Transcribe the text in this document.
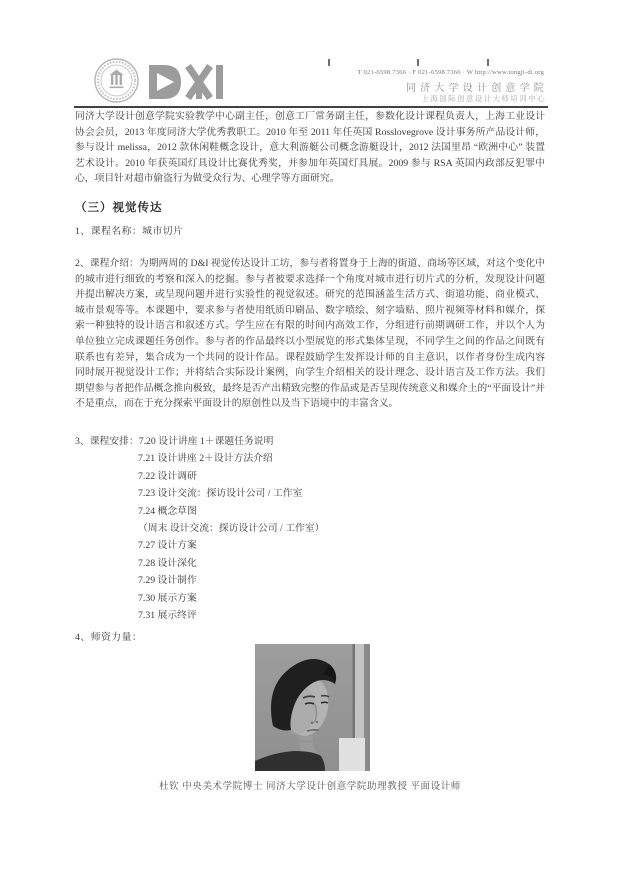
T 021-6598 7366 · F 021-6598 7366 · W http://www.tongji-di.org
同济大学设计创意学院
上海国际创意设计大师培训中心
同济大学设计创意学院实验教学中心副主任，创意工厂常务副主任，参数化设计课程负责人，上海工业设计协会会员，2013 年度同济大学优秀教职工。2010 年至 2011 年任英国 Rosslovegrove 设计事务所产品设计师，参与设计 melissa，2012 款休闲鞋概念设计，意大利游艇公司概念游艇设计，2012 法国里昂 “欧洲中心” 装置艺术设计。2010 年获英国灯具设计比赛优秀奖，并参加年英国灯具展。2009 参与 RSA 英国内政部反犯罪中心，项目针对超市偷盗行为做受众行为、心理学等方面研究。
（三）视觉传达
1、课程名称：城市切片
2、课程介绍：为期两周的 D&I 视觉传达设计工坊，参与者将置身于上海的街道、商场等区域，对这个变化中的城市进行细致的考察和深入的挖掘。参与者被要求选择一个角度对城市进行切片式的分析，发现设计问题并提出解决方案，或呈现问题并进行实验性的视觉叙述。研究的范围涵盖生活方式、街道功能、商业模式、城市景观等等。本课题中，要求参与者使用纸质印刷品、数字喷绘、刻字墙贴、照片视频等材料和媒介，探索一种独特的设计语言和叙述方式。学生应在有限的时间内高效工作，分组进行前期调研工作，并以个人为单位独立完成课题任务创作。参与者的作品最终以小型展览的形式集体呈现，不同学生之间的作品之间既有联系也有差异，集合成为一个共同的设计作品。课程鼓励学生发挥设计师的自主意识，以作者身份生成内容同时展开视觉设计工作；并将结合实际设计案例，向学生介绍相关的设计理念、设计语言及工作方法。我们期望参与者把作品概念推向极致，最终是否产出精致完整的作品或是否呈现传统意义和媒介上的“平面设计”并不是重点，而在于充分探索平面设计的原创性以及当下语境中的丰富含义。
3、课程安排：7.20 设计讲座 1＋课题任务说明
7.21 设计讲座 2＋设计方法介绍
7.22 设计调研
7.23 设计交流：探访设计公司 / 工作室
7.24 概念草图
（周末 设计交流：探访设计公司 / 工作室）
7.27 设计方案
7.28 设计深化
7.29 设计制作
7.30 展示方案
7.31 展示终评
4、师资力量：
杜钦 中央美术学院博士 同济大学设计创意学院助理教授 平面设计师
